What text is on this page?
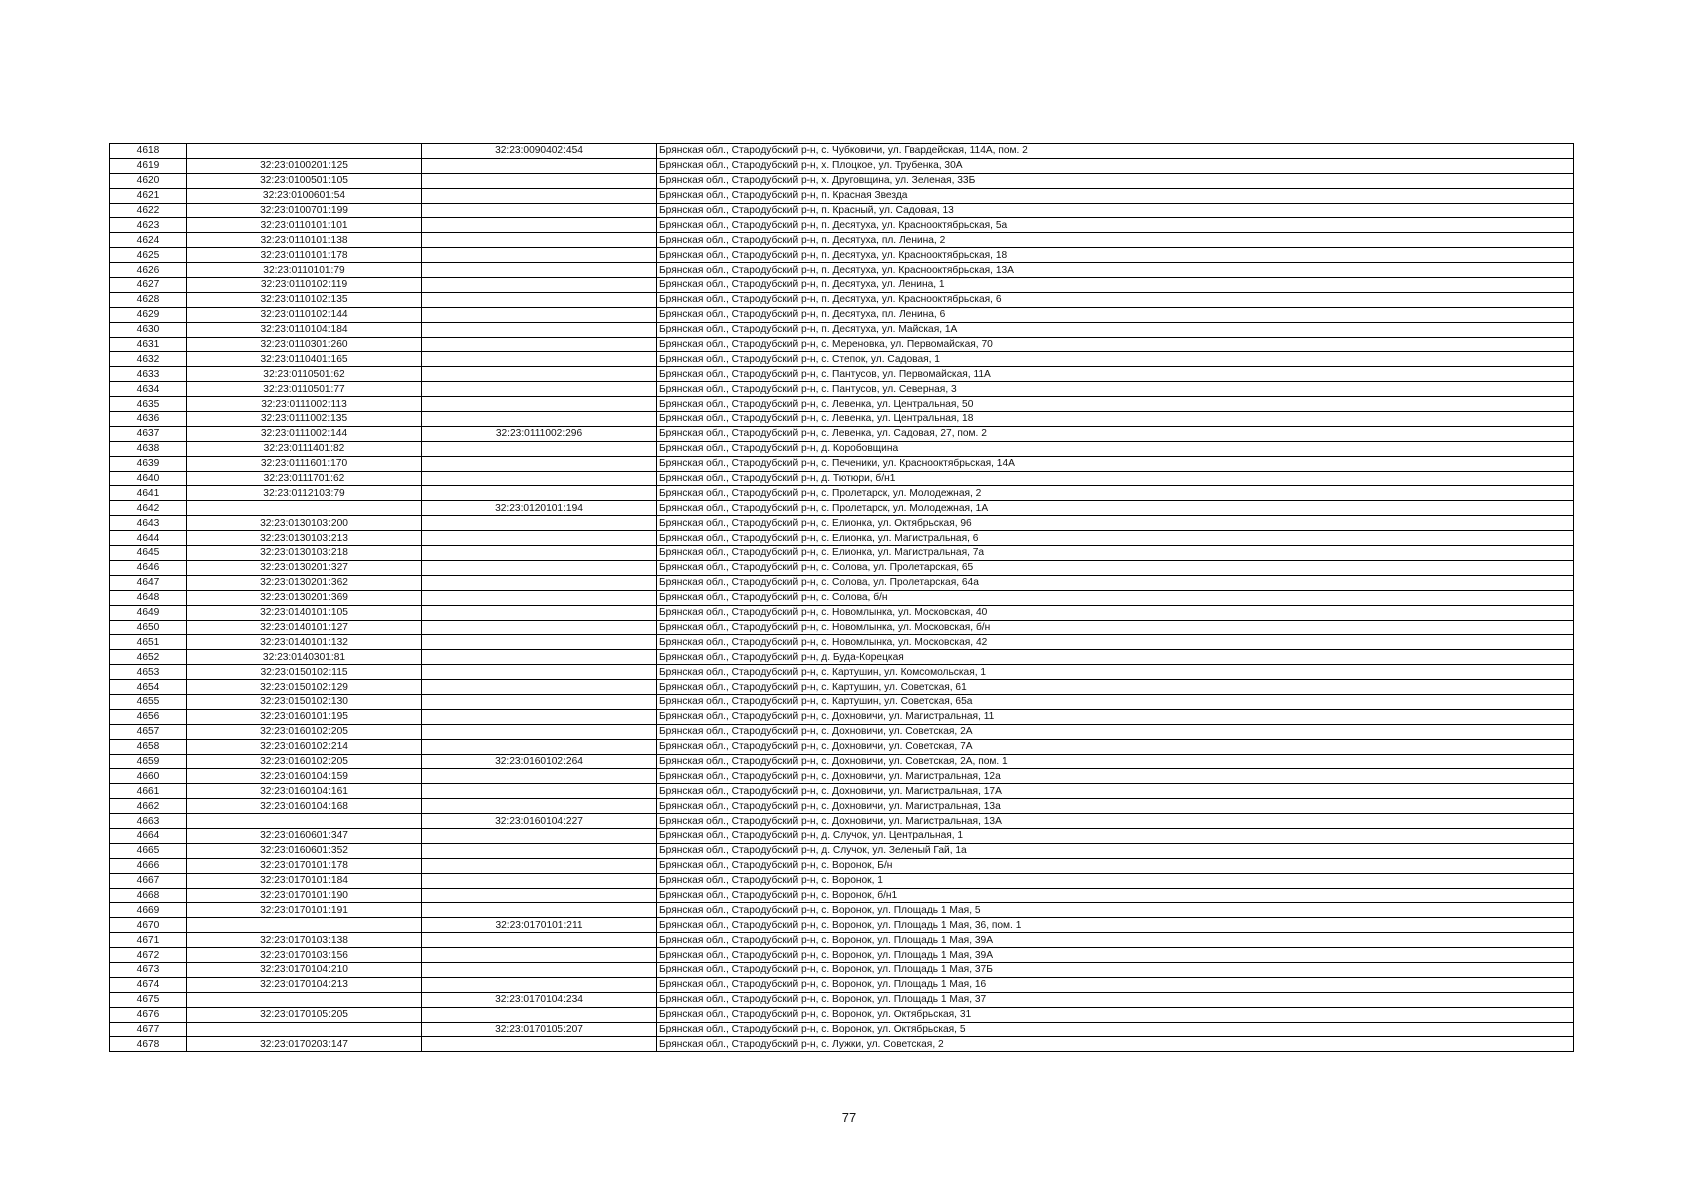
4618		32:23:0090402:454	Брянская обл., Стародубский р-н, с. Чубковичи, ул. Гвардейская, 114А, пом. 2
4619	32:23:0100201:125		Брянская обл., Стародубский р-н, х. Плоцкое, ул. Трубенка, 30А
4620	32:23:0100501:105		Брянская обл., Стародубский р-н, х. Друговщина, ул. Зеленая, 33Б
4621	32:23:0100601:54		Брянская обл., Стародубский р-н, п. Красная Звезда
4622	32:23:0100701:199		Брянская обл., Стародубский р-н, п. Красный, ул. Садовая, 13
4623	32:23:0110101:101		Брянская обл., Стародубский р-н, п. Десятуха, ул. Краснооктябрьская, 5а
4624	32:23:0110101:138		Брянская обл., Стародубский р-н, п. Десятуха, пл. Ленина, 2
4625	32:23:0110101:178		Брянская обл., Стародубский р-н, п. Десятуха, ул. Краснооктябрьская, 18
4626	32:23:0110101:79		Брянская обл., Стародубский р-н, п. Десятуха, ул. Краснооктябрьская, 13А
4627	32:23:0110102:119		Брянская обл., Стародубский р-н, п. Десятуха, ул. Ленина, 1
4628	32:23:0110102:135		Брянская обл., Стародубский р-н, п. Десятуха, ул. Краснооктябрьская, 6
4629	32:23:0110102:144		Брянская обл., Стародубский р-н, п. Десятуха, пл. Ленина, 6
4630	32:23:0110104:184		Брянская обл., Стародубский р-н, п. Десятуха, ул. Майская, 1А
4631	32:23:0110301:260		Брянская обл., Стародубский р-н, с. Мереновка, ул. Первомайская, 70
4632	32:23:0110401:165		Брянская обл., Стародубский р-н, с. Степок, ул. Садовая, 1
4633	32:23:0110501:62		Брянская обл., Стародубский р-н, с. Пантусов, ул. Первомайская, 11А
4634	32:23:0110501:77		Брянская обл., Стародубский р-н, с. Пантусов, ул. Северная, 3
4635	32:23:0111002:113		Брянская обл., Стародубский р-н, с. Левенка, ул. Центральная, 50
4636	32:23:0111002:135		Брянская обл., Стародубский р-н, с. Левенка, ул. Центральная, 18
4637	32:23:0111002:144	32:23:0111002:296	Брянская обл., Стародубский р-н, с. Левенка, ул. Садовая, 27, пом. 2
4638	32:23:0111401:82		Брянская обл., Стародубский р-н, д. Коробовщина
4639	32:23:0111601:170		Брянская обл., Стародубский р-н, с. Печеники, ул. Краснооктябрьская, 14А
4640	32:23:0111701:62		Брянская обл., Стародубский р-н, д. Тютюри, б/н1
4641	32:23:0112103:79		Брянская обл., Стародубский р-н, с. Пролетарск, ул. Молодежная, 2
4642		32:23:0120101:194	Брянская обл., Стародубский р-н, с. Пролетарск, ул. Молодежная, 1А
4643	32:23:0130103:200		Брянская обл., Стародубский р-н, с. Елионка, ул. Октябрьская, 96
4644	32:23:0130103:213		Брянская обл., Стародубский р-н, с. Елионка, ул. Магистральная, 6
4645	32:23:0130103:218		Брянская обл., Стародубский р-н, с. Елионка, ул. Магистральная, 7а
4646	32:23:0130201:327		Брянская обл., Стародубский р-н, с. Солова, ул. Пролетарская, 65
4647	32:23:0130201:362		Брянская обл., Стародубский р-н, с. Солова, ул. Пролетарская, 64а
4648	32:23:0130201:369		Брянская обл., Стародубский р-н, с. Солова, б/н
4649	32:23:0140101:105		Брянская обл., Стародубский р-н, с. Новомлынка, ул. Московская, 40
4650	32:23:0140101:127		Брянская обл., Стародубский р-н, с. Новомлынка, ул. Московская, б/н
4651	32:23:0140101:132		Брянская обл., Стародубский р-н, с. Новомлынка, ул. Московская, 42
4652	32:23:0140301:81		Брянская обл., Стародубский р-н, д. Буда-Корецкая
4653	32:23:0150102:115		Брянская обл., Стародубский р-н, с. Картушин, ул. Комсомольская, 1
4654	32:23:0150102:129		Брянская обл., Стародубский р-н, с. Картушин, ул. Советская, 61
4655	32:23:0150102:130		Брянская обл., Стародубский р-н, с. Картушин, ул. Советская, 65а
4656	32:23:0160101:195		Брянская обл., Стародубский р-н, с. Дохновичи, ул. Магистральная, 11
4657	32:23:0160102:205		Брянская обл., Стародубский р-н, с. Дохновичи, ул. Советская, 2А
4658	32:23:0160102:214		Брянская обл., Стародубский р-н, с. Дохновичи, ул. Советская, 7А
4659	32:23:0160102:205	32:23:0160102:264	Брянская обл., Стародубский р-н, с. Дохновичи, ул. Советская, 2А, пом. 1
4660	32:23:0160104:159		Брянская обл., Стародубский р-н, с. Дохновичи, ул. Магистральная, 12а
4661	32:23:0160104:161		Брянская обл., Стародубский р-н, с. Дохновичи, ул. Магистральная, 17А
4662	32:23:0160104:168		Брянская обл., Стародубский р-н, с. Дохновичи, ул. Магистральная, 13а
4663		32:23:0160104:227	Брянская обл., Стародубский р-н, с. Дохновичи, ул. Магистральная, 13А
4664	32:23:0160601:347		Брянская обл., Стародубский р-н, д. Случок, ул. Центральная, 1
4665	32:23:0160601:352		Брянская обл., Стародубский р-н, д. Случок, ул. Зеленый Гай, 1а
4666	32:23:0170101:178		Брянская обл., Стародубский р-н, с. Воронок, Б/н
4667	32:23:0170101:184		Брянская обл., Стародубский р-н, с. Воронок, 1
4668	32:23:0170101:190		Брянская обл., Стародубский р-н, с. Воронок, б/н1
4669	32:23:0170101:191		Брянская обл., Стародубский р-н, с. Воронок, ул. Площадь 1 Мая, 5
4670		32:23:0170101:211	Брянская обл., Стародубский р-н, с. Воронок, ул. Площадь 1 Мая, 36, пом. 1
4671	32:23:0170103:138		Брянская обл., Стародубский р-н, с. Воронок, ул. Площадь 1 Мая, 39А
4672	32:23:0170103:156		Брянская обл., Стародубский р-н, с. Воронок, ул. Площадь 1 Мая, 39А
4673	32:23:0170104:210		Брянская обл., Стародубский р-н, с. Воронок, ул. Площадь 1 Мая, 37Б
4674	32:23:0170104:213		Брянская обл., Стародубский р-н, с. Воронок, ул. Площадь 1 Мая, 16
4675		32:23:0170104:234	Брянская обл., Стародубский р-н, с. Воронок, ул. Площадь 1 Мая, 37
4676	32:23:0170105:205		Брянская обл., Стародубский р-н, с. Воронок, ул. Октябрьская, 31
4677		32:23:0170105:207	Брянская обл., Стародубский р-н, с. Воронок, ул. Октябрьская, 5
4678	32:23:0170203:147		Брянская обл., Стародубский р-н, с. Лужки, ул. Советская, 2
77
